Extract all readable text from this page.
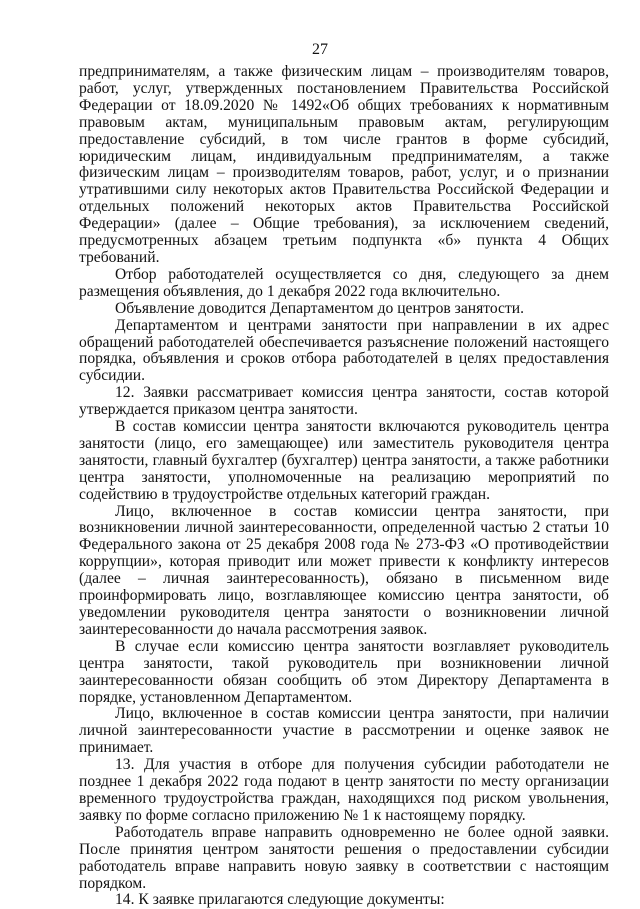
27

предпринимателям, а также физическим лицам – производителям товаров, работ, услуг, утвержденных постановлением Правительства Российской Федерации от 18.09.2020 № 1492«Об общих требованиях к нормативным правовым актам, муниципальным правовым актам, регулирующим предоставление субсидий, в том числе грантов в форме субсидий, юридическим лицам, индивидуальным предпринимателям, а также физическим лицам – производителям товаров, работ, услуг, и о признании утратившими силу некоторых актов Правительства Российской Федерации и отдельных положений некоторых актов Правительства Российской Федерации» (далее – Общие требования), за исключением сведений, предусмотренных абзацем третьим подпункта «б» пункта 4 Общих требований.

Отбор работодателей осуществляется со дня, следующего за днем размещения объявления, до 1 декабря 2022 года включительно.

Объявление доводится Департаментом до центров занятости.

Департаментом и центрами занятости при направлении в их адрес обращений работодателей обеспечивается разъяснение положений настоящего порядка, объявления и сроков отбора работодателей в целях предоставления субсидии.

12. Заявки рассматривает комиссия центра занятости, состав которой утверждается приказом центра занятости.

В состав комиссии центра занятости включаются руководитель центра занятости (лицо, его замещающее) или заместитель руководителя центра занятости, главный бухгалтер (бухгалтер) центра занятости, а также работники центра занятости, уполномоченные на реализацию мероприятий по содействию в трудоустройстве отдельных категорий граждан.

Лицо, включенное в состав комиссии центра занятости, при возникновении личной заинтересованности, определенной частью 2 статьи 10 Федерального закона от 25 декабря 2008 года № 273-ФЗ «О противодействии коррупции», которая приводит или может привести к конфликту интересов (далее – личная заинтересованность), обязано в письменном виде проинформировать лицо, возглавляющее комиссию центра занятости, об уведомлении руководителя центра занятости о возникновении личной заинтересованности до начала рассмотрения заявок.

В случае если комиссию центра занятости возглавляет руководитель центра занятости, такой руководитель при возникновении личной заинтересованности обязан сообщить об этом Директору Департамента в порядке, установленном Департаментом.

Лицо, включенное в состав комиссии центра занятости, при наличии личной заинтересованности участие в рассмотрении и оценке заявок не принимает.

13. Для участия в отборе для получения субсидии работодатели не позднее 1 декабря 2022 года подают в центр занятости по месту организации временного трудоустройства граждан, находящихся под риском увольнения, заявку по форме согласно приложению № 1 к настоящему порядку.

Работодатель вправе направить одновременно не более одной заявки. После принятия центром занятости решения о предоставлении субсидии работодатель вправе направить новую заявку в соответствии с настоящим порядком.

14. К заявке прилагаются следующие документы:
